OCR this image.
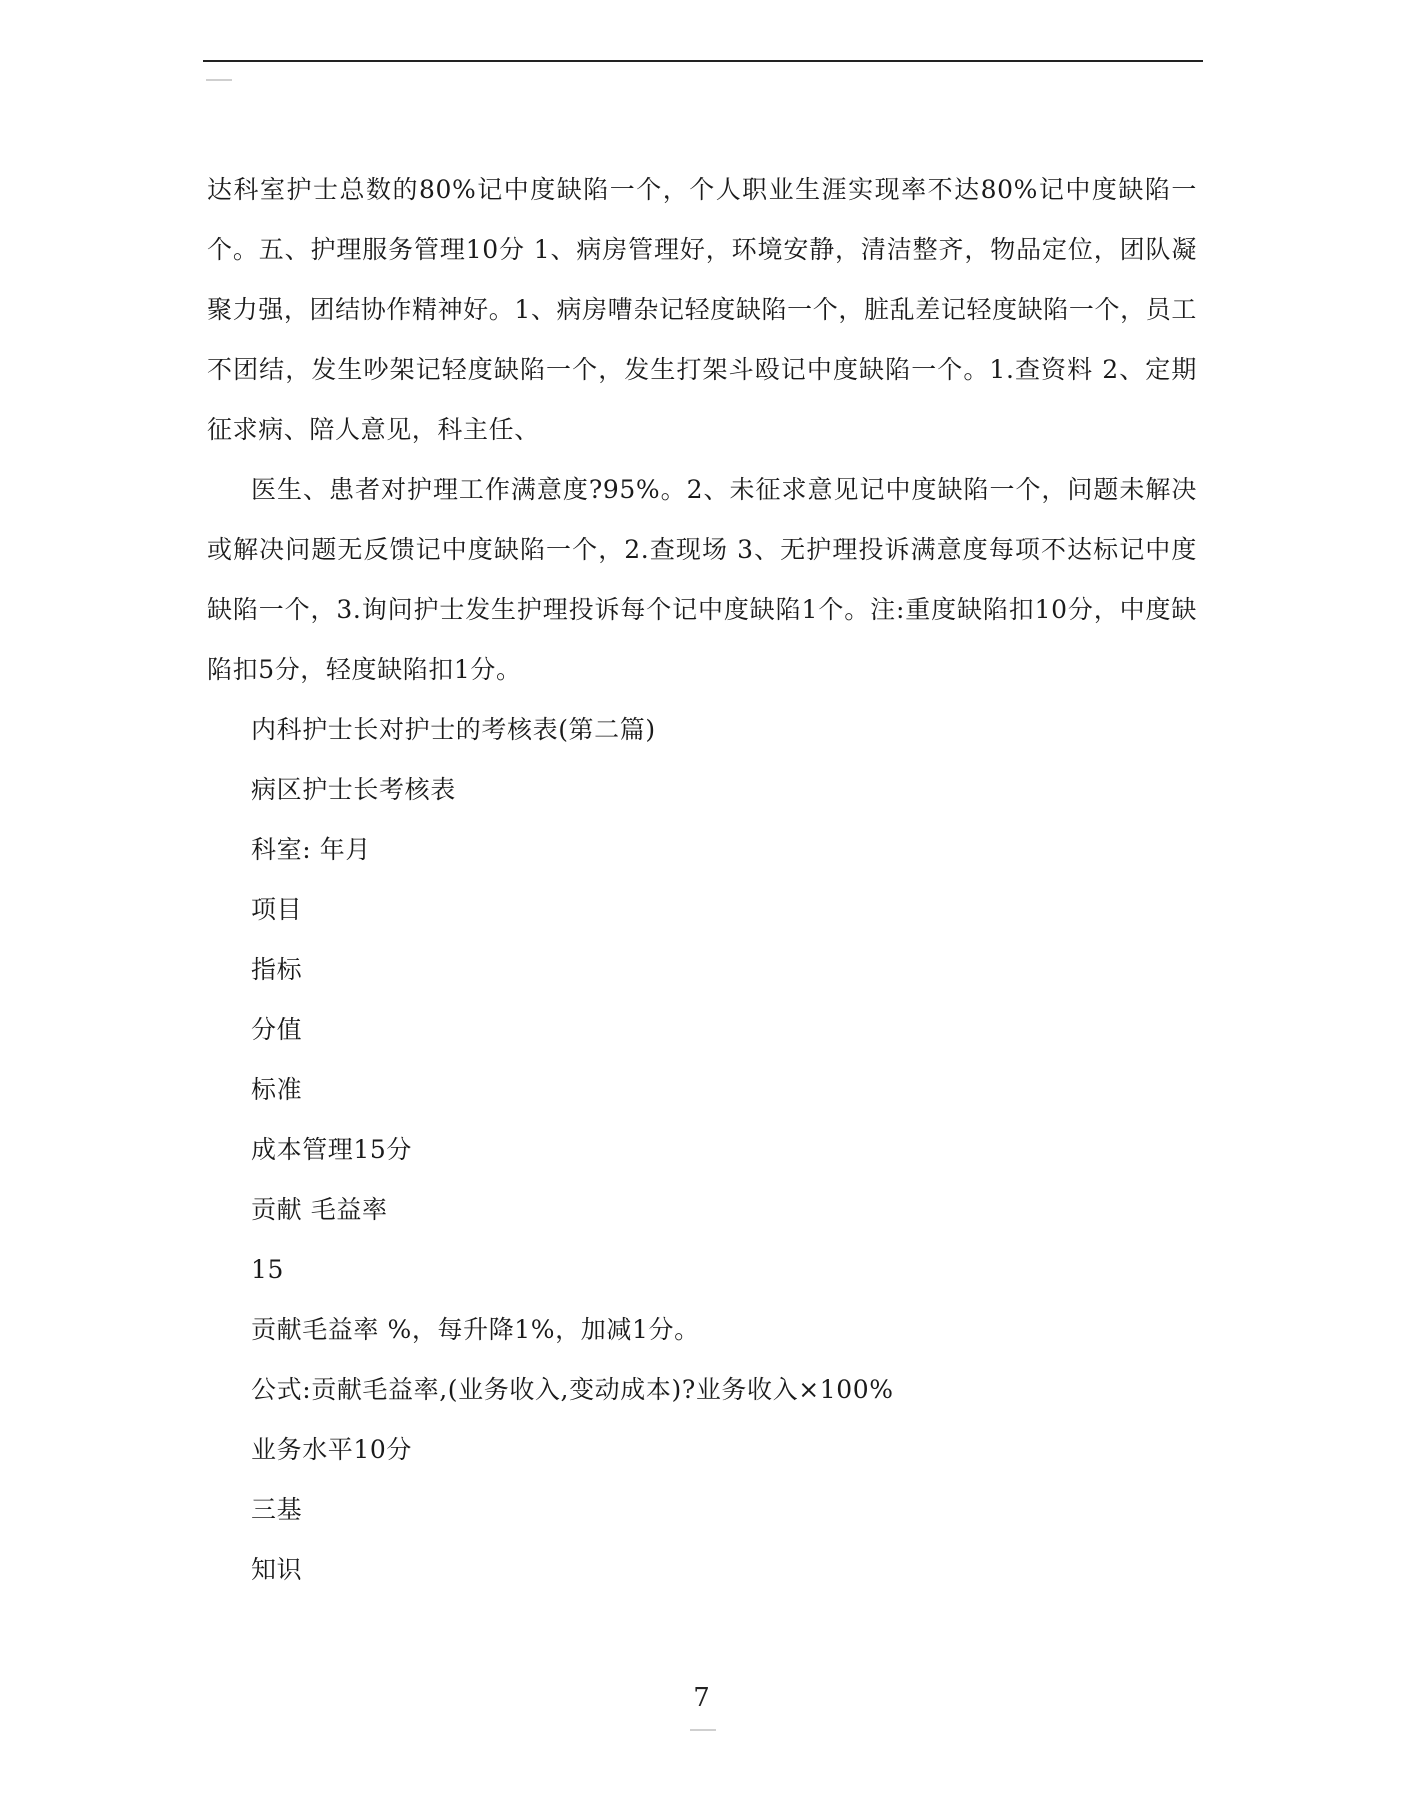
达科室护士总数的80%记中度缺陷一个，个人职业生涯实现率不达80%记中度缺陷一个。五、护理服务管理10分 1、病房管理好，环境安静，清洁整齐，物品定位，团队凝聚力强，团结协作精神好。1、病房嘈杂记轻度缺陷一个，脏乱差记轻度缺陷一个，员工不团结，发生吵架记轻度缺陷一个，发生打架斗殴记中度缺陷一个。1.查资料 2、定期征求病、陪人意见，科主任、

医生、患者对护理工作满意度?95%。2、未征求意见记中度缺陷一个，问题未解决或解决问题无反馈记中度缺陷一个，2.查现场 3、无护理投诉满意度每项不达标记中度缺陷一个，3.询问护士发生护理投诉每个记中度缺陷1个。注:重度缺陷扣10分，中度缺陷扣5分，轻度缺陷扣1分。

内科护士长对护士的考核表(第二篇)

病区护士长考核表

科室: 年月

项目

指标

分值

标准

成本管理15分

贡献 毛益率

15

贡献毛益率 %，每升降1%，加减1分。

公式:贡献毛益率,(业务收入,变动成本)?业务收入×100%

业务水平10分

三基

知识

7
